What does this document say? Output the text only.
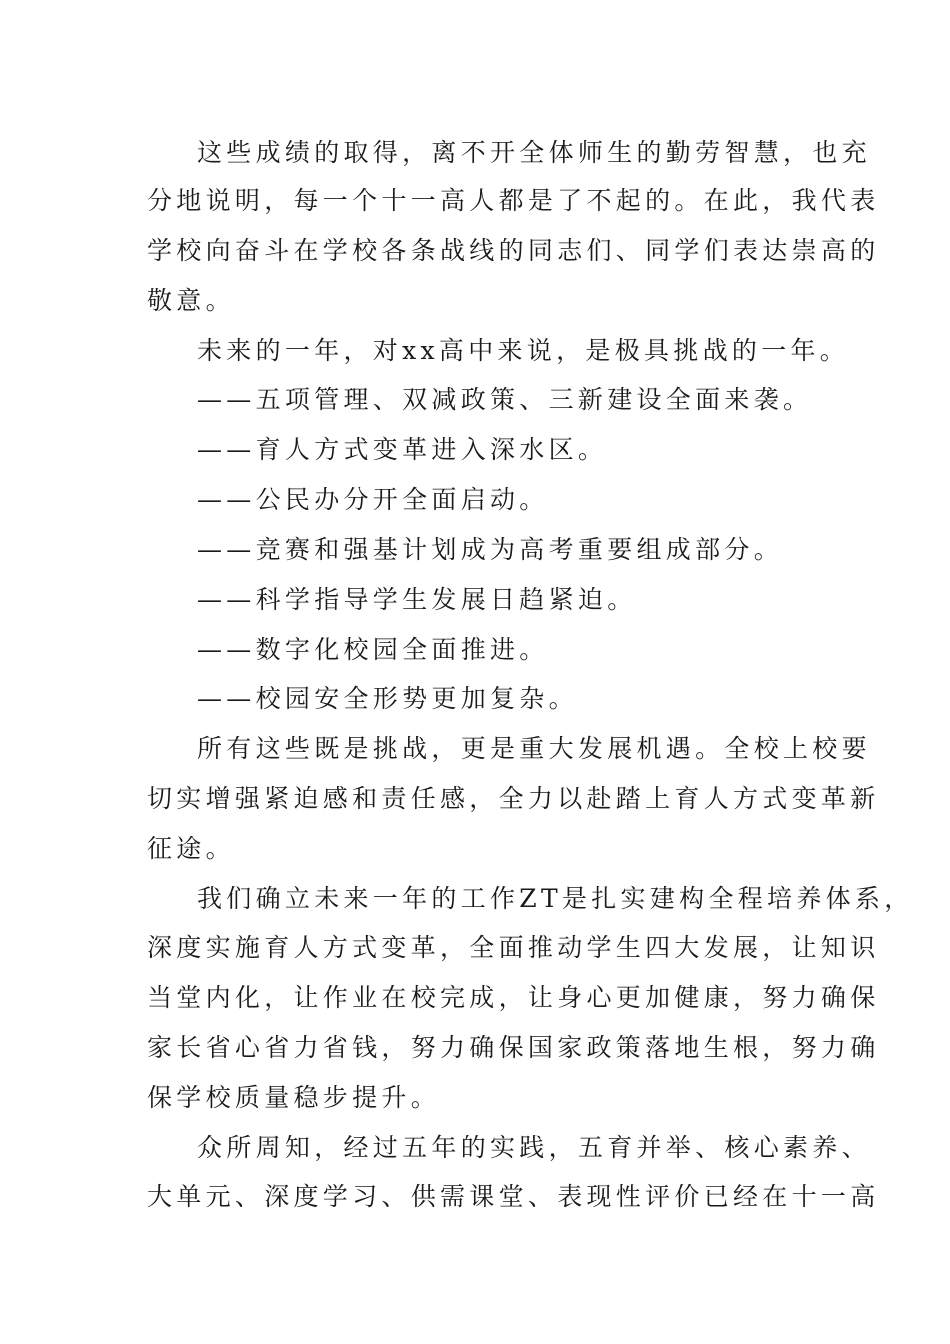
这些成绩的取得，离不开全体师生的勤劳智慧，也充
分地说明，每一个十一高人都是了不起的。在此，我代表
学校向奋斗在学校各条战线的同志们、同学们表达崇高的
敬意。
未来的一年，对xx高中来说，是极具挑战的一年。
——五项管理、双减政策、三新建设全面来袭。
——育人方式变革进入深水区。
——公民办分开全面启动。
——竞赛和强基计划成为高考重要组成部分。
——科学指导学生发展日趋紧迫。
——数字化校园全面推进。
——校园安全形势更加复杂。
所有这些既是挑战，更是重大发展机遇。全校上校要
切实增强紧迫感和责任感，全力以赴踏上育人方式变革新
征途。
我们确立未来一年的工作ZT是扎实建构全程培养体系，
深度实施育人方式变革，全面推动学生四大发展，让知识
当堂内化，让作业在校完成，让身心更加健康，努力确保
家长省心省力省钱，努力确保国家政策落地生根，努力确
保学校质量稳步提升。
众所周知，经过五年的实践，五育并举、核心素养、
大单元、深度学习、供需课堂、表现性评价已经在十一高
